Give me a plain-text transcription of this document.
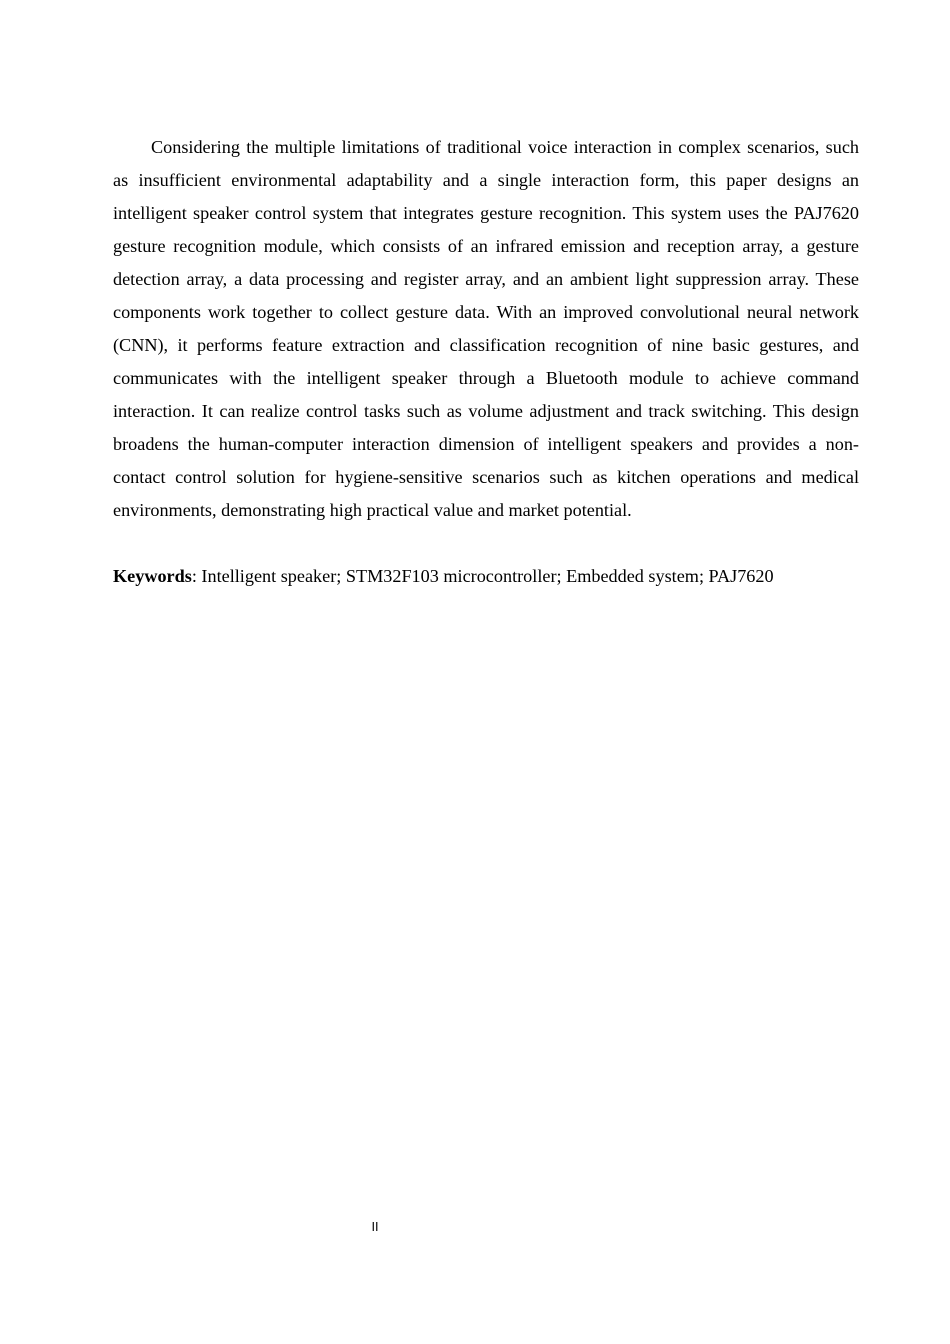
Considering the multiple limitations of traditional voice interaction in complex scenarios, such as insufficient environmental adaptability and a single interaction form, this paper designs an intelligent speaker control system that integrates gesture recognition. This system uses the PAJ7620 gesture recognition module, which consists of an infrared emission and reception array, a gesture detection array, a data processing and register array, and an ambient light suppression array. These components work together to collect gesture data. With an improved convolutional neural network (CNN), it performs feature extraction and classification recognition of nine basic gestures, and communicates with the intelligent speaker through a Bluetooth module to achieve command interaction. It can realize control tasks such as volume adjustment and track switching. This design broadens the human-computer interaction dimension of intelligent speakers and provides a non-contact control solution for hygiene-sensitive scenarios such as kitchen operations and medical environments, demonstrating high practical value and market potential.

Keywords: Intelligent speaker; STM32F103 microcontroller; Embedded system; PAJ7620

II
